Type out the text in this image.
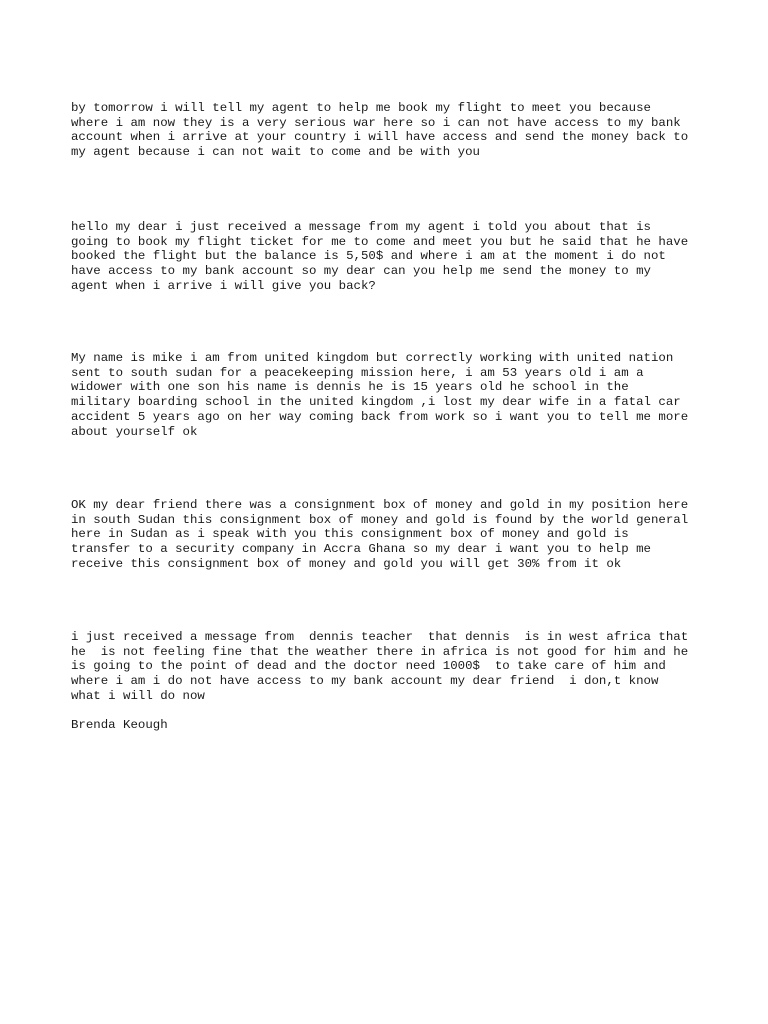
by tomorrow i will tell my agent to help me book my flight to meet you because
where i am now they is a very serious war here so i can not have access to my bank
account when i arrive at your country i will have access and send the money back to
my agent because i can not wait to come and be with you

hello my dear i just received a message from my agent i told you about that is
going to book my flight ticket for me to come and meet you but he said that he have
booked the flight but the balance is 5,50$ and where i am at the moment i do not
have access to my bank account so my dear can you help me send the money to my
agent when i arrive i will give you back?

My name is mike i am from united kingdom but correctly working with united nation
sent to south sudan for a peacekeeping mission here, i am 53 years old i am a
widower with one son his name is dennis he is 15 years old he school in the
military boarding school in the united kingdom ,i lost my dear wife in a fatal car
accident 5 years ago on her way coming back from work so i want you to tell me more
about yourself ok

OK my dear friend there was a consignment box of money and gold in my position here
in south Sudan this consignment box of money and gold is found by the world general
here in Sudan as i speak with you this consignment box of money and gold is
transfer to a security company in Accra Ghana so my dear i want you to help me
receive this consignment box of money and gold you will get 30% from it ok

i just received a message from  dennis teacher  that dennis  is in west africa that
he  is not feeling fine that the weather there in africa is not good for him and he
is going to the point of dead and the doctor need 1000$  to take care of him and
where i am i do not have access to my bank account my dear friend  i don,t know
what i will do now

Brenda Keough
